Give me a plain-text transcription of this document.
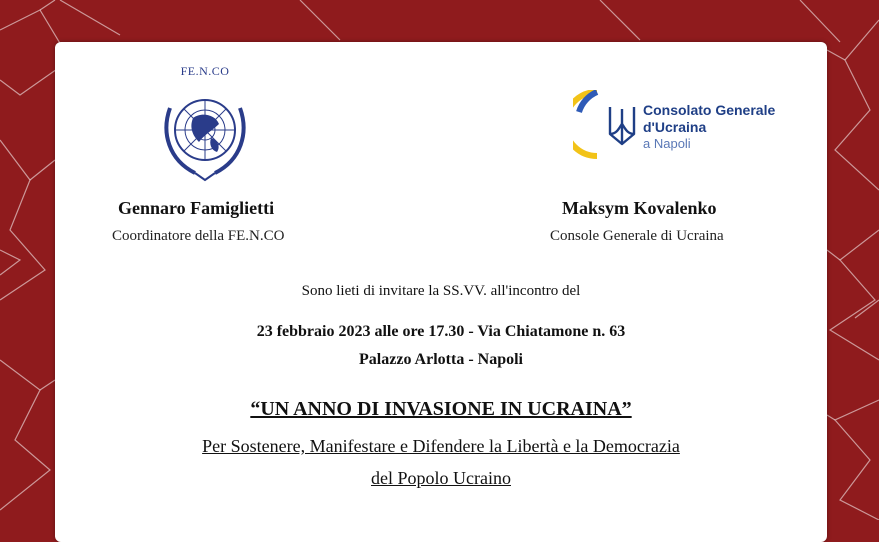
FE.N.CO
Consolato Generale
d'Ucraina
a Napoli
Gennaro Famiglietti
Coordinatore della FE.N.CO
Maksym Kovalenko
Console Generale di Ucraina
Sono lieti di invitare la SS.VV. all'incontro del
23 febbraio 2023 alle ore 17.30 - Via Chiatamone n. 63
Palazzo Arlotta - Napoli
“UN ANNO DI INVASIONE IN UCRAINA”
Per Sostenere, Manifestare e Difendere la Libertà e la Democrazia
del Popolo Ucraino
